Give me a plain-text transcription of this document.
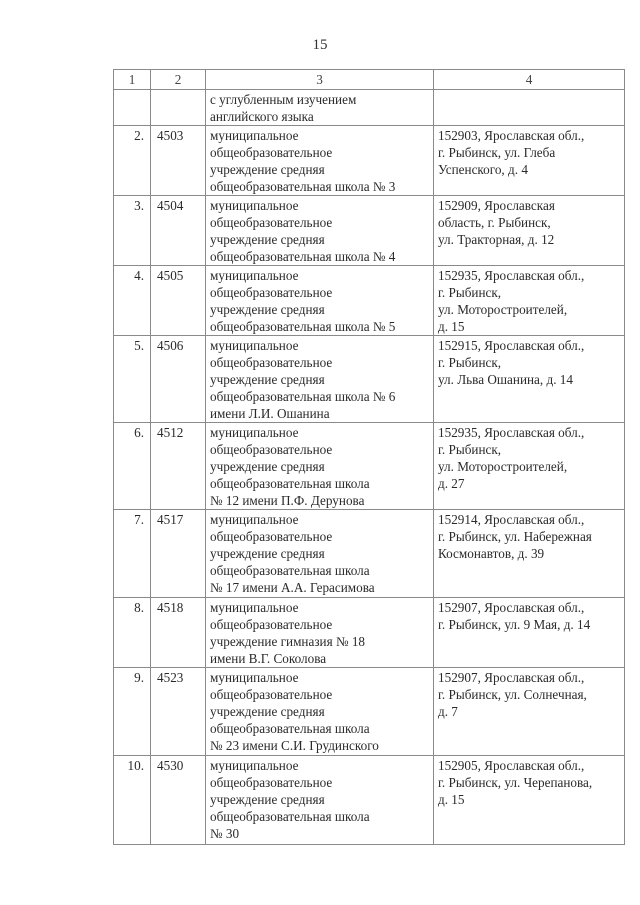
15
1	2	3	4
		с углубленным изучением
английского языка	
2.	4503	муниципальное
общеобразовательное
учреждение средняя
общеобразовательная школа № 3	152903, Ярославская обл.,
г. Рыбинск, ул. Глеба
Успенского, д. 4
3.	4504	муниципальное
общеобразовательное
учреждение средняя
общеобразовательная школа № 4	152909, Ярославская
область, г. Рыбинск,
ул. Тракторная, д. 12
4.	4505	муниципальное
общеобразовательное
учреждение средняя
общеобразовательная школа № 5	152935, Ярославская обл.,
г. Рыбинск,
ул. Моторостроителей,
д. 15
5.	4506	муниципальное
общеобразовательное
учреждение средняя
общеобразовательная школа № 6
имени Л.И. Ошанина	152915, Ярославская обл.,
г. Рыбинск,
ул. Льва Ошанина, д. 14
6.	4512	муниципальное
общеобразовательное
учреждение средняя
общеобразовательная школа
№ 12 имени П.Ф. Дерунова	152935, Ярославская обл.,
г. Рыбинск,
ул. Моторостроителей,
д. 27
7.	4517	муниципальное
общеобразовательное
учреждение средняя
общеобразовательная школа
№ 17 имени А.А. Герасимова	152914, Ярославская обл.,
г. Рыбинск, ул. Набережная
Космонавтов, д. 39
8.	4518	муниципальное
общеобразовательное
учреждение гимназия № 18
имени В.Г. Соколова	152907, Ярославская обл.,
г. Рыбинск, ул. 9 Мая, д. 14
9.	4523	муниципальное
общеобразовательное
учреждение средняя
общеобразовательная школа
№ 23 имени С.И. Грудинского	152907, Ярославская обл.,
г. Рыбинск, ул. Солнечная,
д. 7
10.	4530	муниципальное
общеобразовательное
учреждение средняя
общеобразовательная школа
№ 30	152905, Ярославская обл.,
г. Рыбинск, ул. Черепанова,
д. 15
